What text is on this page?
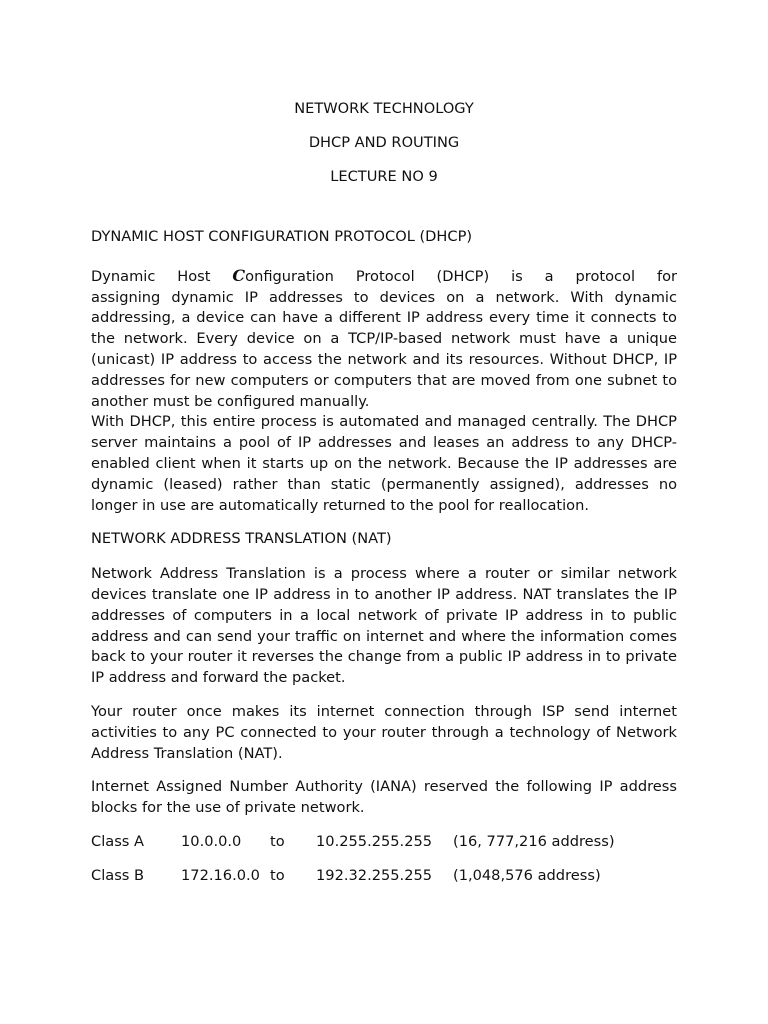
NETWORK TECHNOLOGY
DHCP AND ROUTING
LECTURE NO 9
DYNAMIC HOST CONFIGURATION PROTOCOL (DHCP)
Dynamic Host Configuration Protocol (DHCP) is a protocol for
assigning dynamic IP addresses to devices on a network. With dynamic addressing, a device can have a different IP address every time it connects to the network. Every device on a TCP/IP-based network must have a unique (unicast) IP address to access the network and its resources. Without DHCP, IP addresses for new computers or computers that are moved from one subnet to another must be configured manually.
With DHCP, this entire process is automated and managed centrally. The DHCP server maintains a pool of IP addresses and leases an address to any DHCP-enabled client when it starts up on the network. Because the IP addresses are dynamic (leased) rather than static (permanently assigned), addresses no longer in use are automatically returned to the pool for reallocation.
NETWORK ADDRESS TRANSLATION (NAT)
Network Address Translation is a process where a router or similar network devices translate one IP address in to another IP address. NAT translates the IP addresses of computers in a local network of private IP address in to public address and can send your traffic on internet and where the information comes back to your router it reverses the change from a public IP address in to private IP address and forward the packet.
Your router once makes its internet connection through ISP send internet activities to any PC connected to your router through a technology of Network Address Translation (NAT).
Internet Assigned Number Authority (IANA) reserved the following IP address blocks for the use of private network.
Class A	10.0.0.0	to	10.255.255.255	(16, 777,216 address)
Class B	172.16.0.0 to	192.32.255.255	(1,048,576 address)
